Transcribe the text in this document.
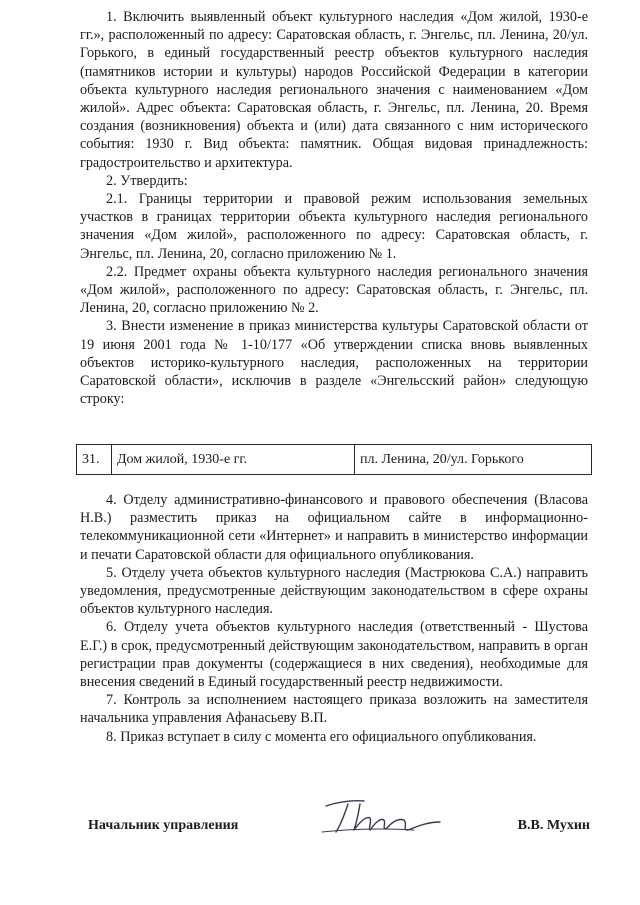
1. Включить выявленный объект культурного наследия «Дом жилой, 1930-е гг.», расположенный по адресу: Саратовская область, г. Энгельс, пл. Ленина, 20/ул. Горького, в единый государственный реестр объектов культурного наследия (памятников истории и культуры) народов Российской Федерации в категории объекта культурного наследия регионального значения с наименованием «Дом жилой». Адрес объекта: Саратовская область, г. Энгельс, пл. Ленина, 20. Время создания (возникновения) объекта и (или) дата связанного с ним исторического события: 1930 г. Вид объекта: памятник. Общая видовая принадлежность: градостроительство и архитектура.

2. Утвердить:

2.1. Границы территории и правовой режим использования земельных участков в границах территории объекта культурного наследия регионального значения «Дом жилой», расположенного по адресу: Саратовская область, г. Энгельс, пл. Ленина, 20, согласно приложению № 1.

2.2. Предмет охраны объекта культурного наследия регионального значения «Дом жилой», расположенного по адресу: Саратовская область, г. Энгельс, пл. Ленина, 20, согласно приложению № 2.

3. Внести изменение в приказ министерства культуры Саратовской области от 19 июня 2001 года № 1-10/177 «Об утверждении списка вновь выявленных объектов историко-культурного наследия, расположенных на территории Саратовской области», исключив в разделе «Энгельсский район» следующую строку:

31.	Дом жилой, 1930-е гг.	пл. Ленина, 20/ул. Горького

4. Отделу административно-финансового и правового обеспечения (Власова Н.В.) разместить приказ на официальном сайте в информационно-телекоммуникационной сети «Интернет» и направить в министерство информации и печати Саратовской области для официального опубликования.

5. Отделу учета объектов культурного наследия (Мастрюкова С.А.) направить уведомления, предусмотренные действующим законодательством в сфере охраны объектов культурного наследия.

6. Отделу учета объектов культурного наследия (ответственный - Шустова Е.Г.) в срок, предусмотренный действующим законодательством, направить в орган регистрации прав документы (содержащиеся в них сведения), необходимые для внесения сведений в Единый государственный реестр недвижимости.

7. Контроль за исполнением настоящего приказа возложить на заместителя начальника управления Афанасьеву В.П.

8. Приказ вступает в силу с момента его официального опубликования.

Начальник управления	В.В. Мухин
